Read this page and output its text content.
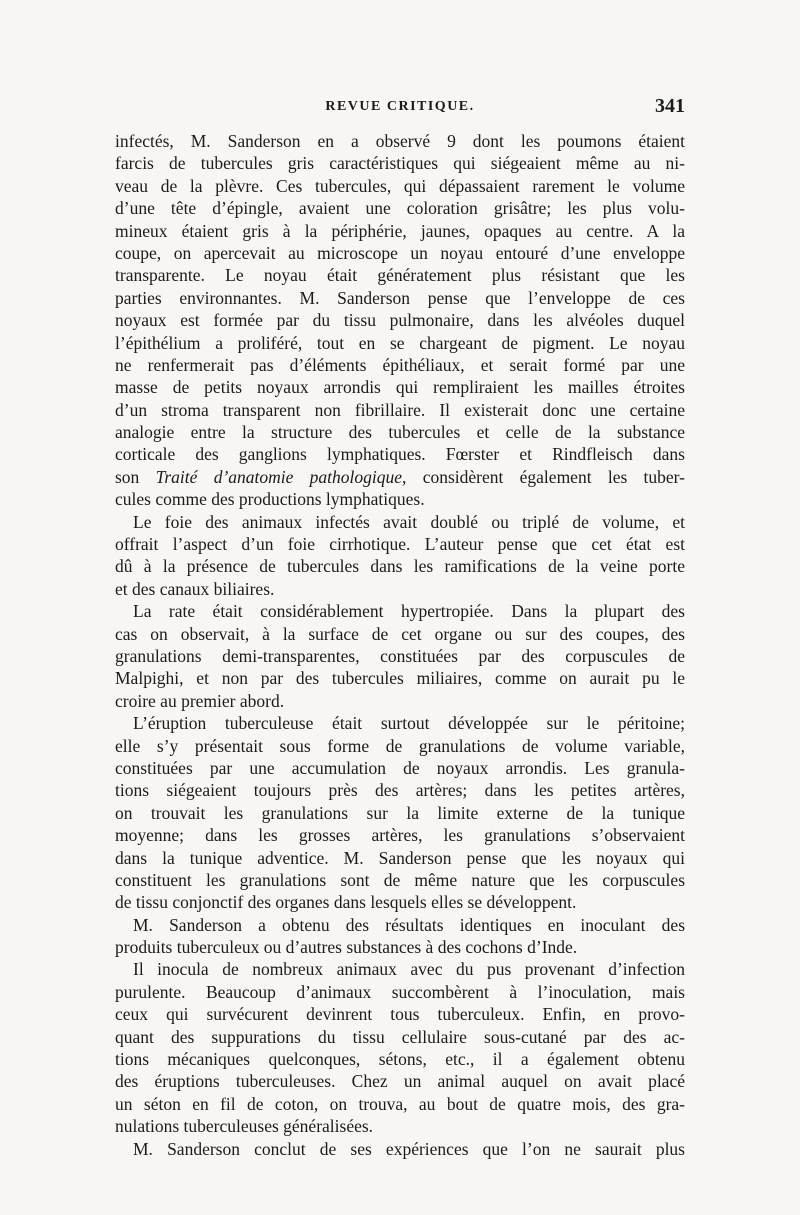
REVUE CRITIQUE.	341
infectés, M. Sanderson en a observé 9 dont les poumons étaient
farcis de tubercules gris caractéristiques qui siégeaient même au ni-
veau de la plèvre. Ces tubercules, qui dépassaient rarement le volume
d’une tête d’épingle, avaient une coloration grisâtre; les plus volu-
mineux étaient gris à la périphérie, jaunes, opaques au centre. A la
coupe, on apercevait au microscope un noyau entouré d’une enveloppe
transparente. Le noyau était génératement plus résistant que les
parties environnantes. M. Sanderson pense que l’enveloppe de ces
noyaux est formée par du tissu pulmonaire, dans les alvéoles duquel
l’épithélium a proliféré, tout en se chargeant de pigment. Le noyau
ne renfermerait pas d’éléments épithéliaux, et serait formé par une
masse de petits noyaux arrondis qui rempliraient les mailles étroites
d’un stroma transparent non fibrillaire. Il existerait donc une certaine
analogie entre la structure des tubercules et celle de la substance
corticale des ganglions lymphatiques. Fœrster et Rindfleisch dans
son Traité d’anatomie pathologique, considèrent également les tuber-
cules comme des productions lymphatiques.
Le foie des animaux infectés avait doublé ou triplé de volume, et
offrait l’aspect d’un foie cirrhotique. L’auteur pense que cet état est
dû à la présence de tubercules dans les ramifications de la veine porte
et des canaux biliaires.
La rate était considérablement hypertropiée. Dans la plupart des
cas on observait, à la surface de cet organe ou sur des coupes, des
granulations demi-transparentes, constituées par des corpuscules de
Malpighi, et non par des tubercules miliaires, comme on aurait pu le
croire au premier abord.
L’éruption tuberculeuse était surtout développée sur le péritoine;
elle s’y présentait sous forme de granulations de volume variable,
constituées par une accumulation de noyaux arrondis. Les granula-
tions siégeaient toujours près des artères; dans les petites artères,
on trouvait les granulations sur la limite externe de la tunique
moyenne; dans les grosses artères, les granulations s’observaient
dans la tunique adventice. M. Sanderson pense que les noyaux qui
constituent les granulations sont de même nature que les corpuscules
de tissu conjonctif des organes dans lesquels elles se développent.
M. Sanderson a obtenu des résultats identiques en inoculant des
produits tuberculeux ou d’autres substances à des cochons d’Inde.
Il inocula de nombreux animaux avec du pus provenant d’infection
purulente. Beaucoup d’animaux succombèrent à l’inoculation, mais
ceux qui survécurent devinrent tous tuberculeux. Enfin, en provo-
quant des suppurations du tissu cellulaire sous-cutané par des ac-
tions mécaniques quelconques, sétons, etc., il a également obtenu
des éruptions tuberculeuses. Chez un animal auquel on avait placé
un séton en fil de coton, on trouva, au bout de quatre mois, des gra-
nulations tuberculeuses généralisées.
M. Sanderson conclut de ses expériences que l’on ne saurait plus
